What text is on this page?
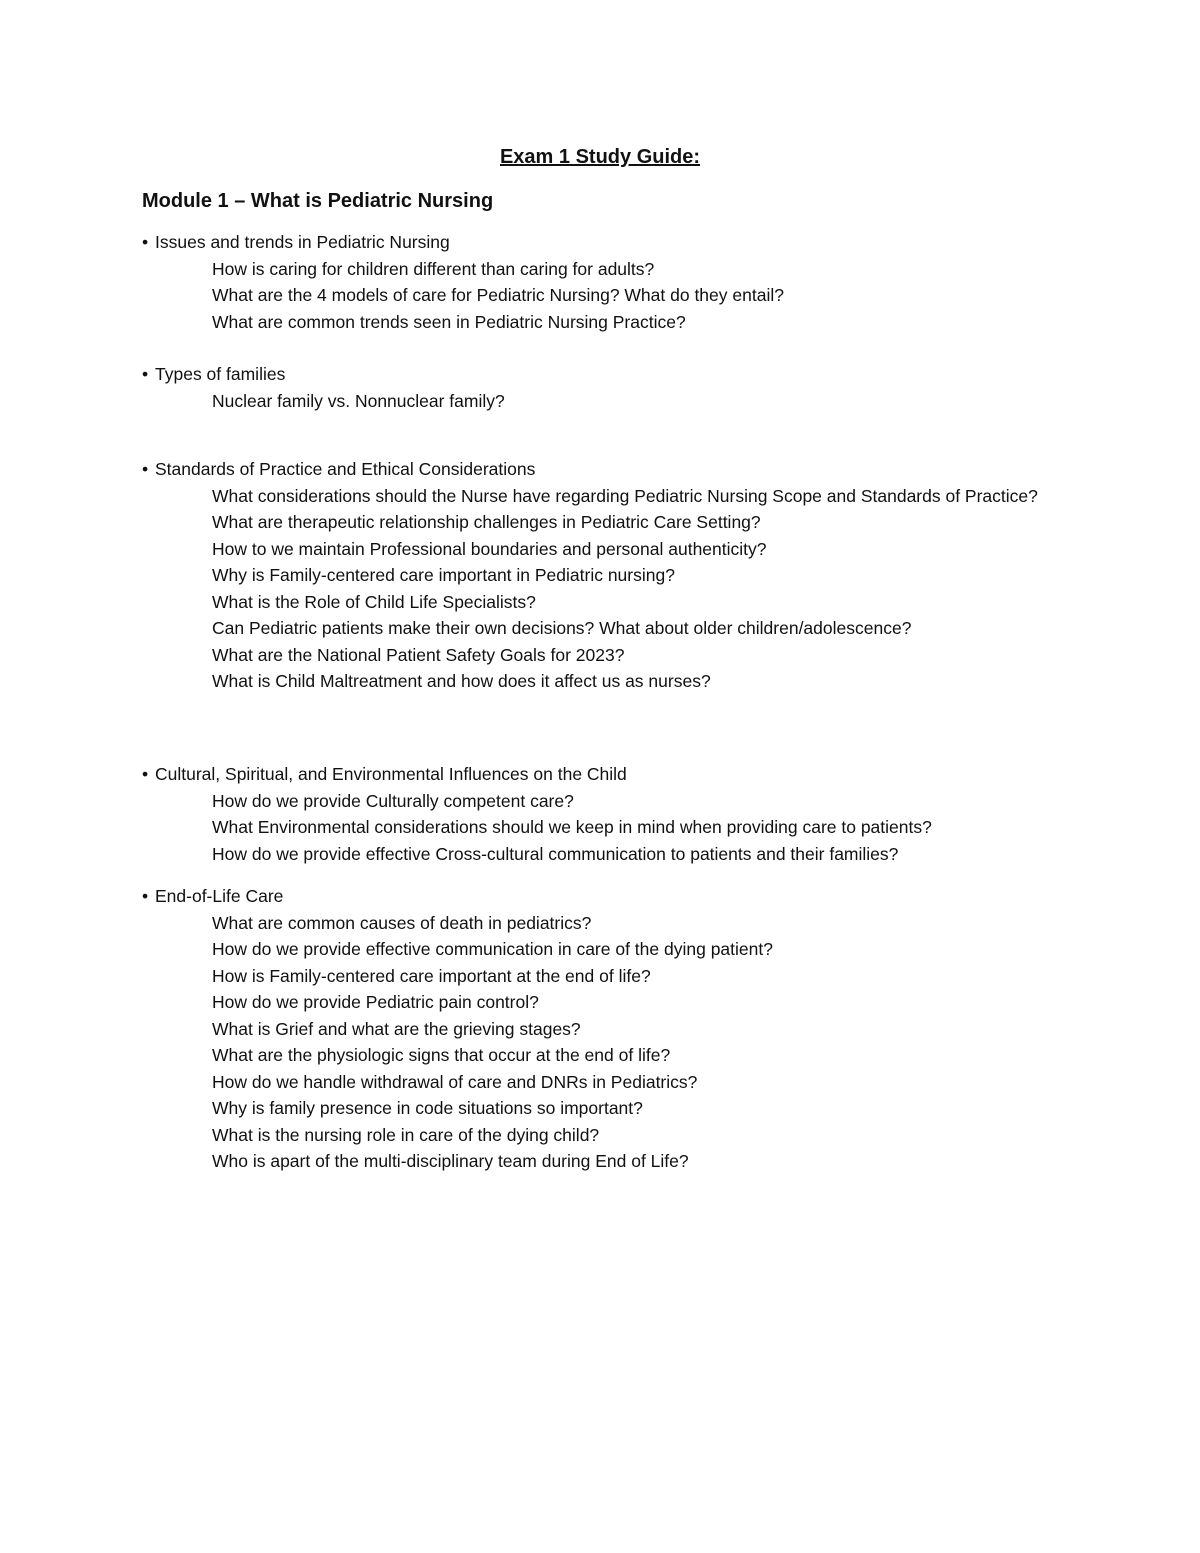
Exam 1 Study Guide:
Module 1 – What is Pediatric Nursing
• Issues and trends in Pediatric Nursing
How is caring for children different than caring for adults?
What are the 4 models of care for Pediatric Nursing? What do they entail?
What are common trends seen in Pediatric Nursing Practice?
• Types of families
Nuclear family vs. Nonnuclear family?
• Standards of Practice and Ethical Considerations
What considerations should the Nurse have regarding Pediatric Nursing Scope and Standards of Practice?
What are therapeutic relationship challenges in Pediatric Care Setting?
How to we maintain Professional boundaries and personal authenticity?
Why is Family-centered care important in Pediatric nursing?
What is the Role of Child Life Specialists?
Can Pediatric patients make their own decisions? What about older children/adolescence?
What are the National Patient Safety Goals for 2023?
What is Child Maltreatment and how does it affect us as nurses?
• Cultural, Spiritual, and Environmental Influences on the Child
How do we provide Culturally competent care?
What Environmental considerations should we keep in mind when providing care to patients?
How do we provide effective Cross-cultural communication to patients and their families?
• End-of-Life Care
What are common causes of death in pediatrics?
How do we provide effective communication in care of the dying patient?
How is Family-centered care important at the end of life?
How do we provide Pediatric pain control?
What is Grief and what are the grieving stages?
What are the physiologic signs that occur at the end of life?
How do we handle withdrawal of care and DNRs in Pediatrics?
Why is family presence in code situations so important?
What is the nursing role in care of the dying child?
Who is apart of the multi-disciplinary team during End of Life?
